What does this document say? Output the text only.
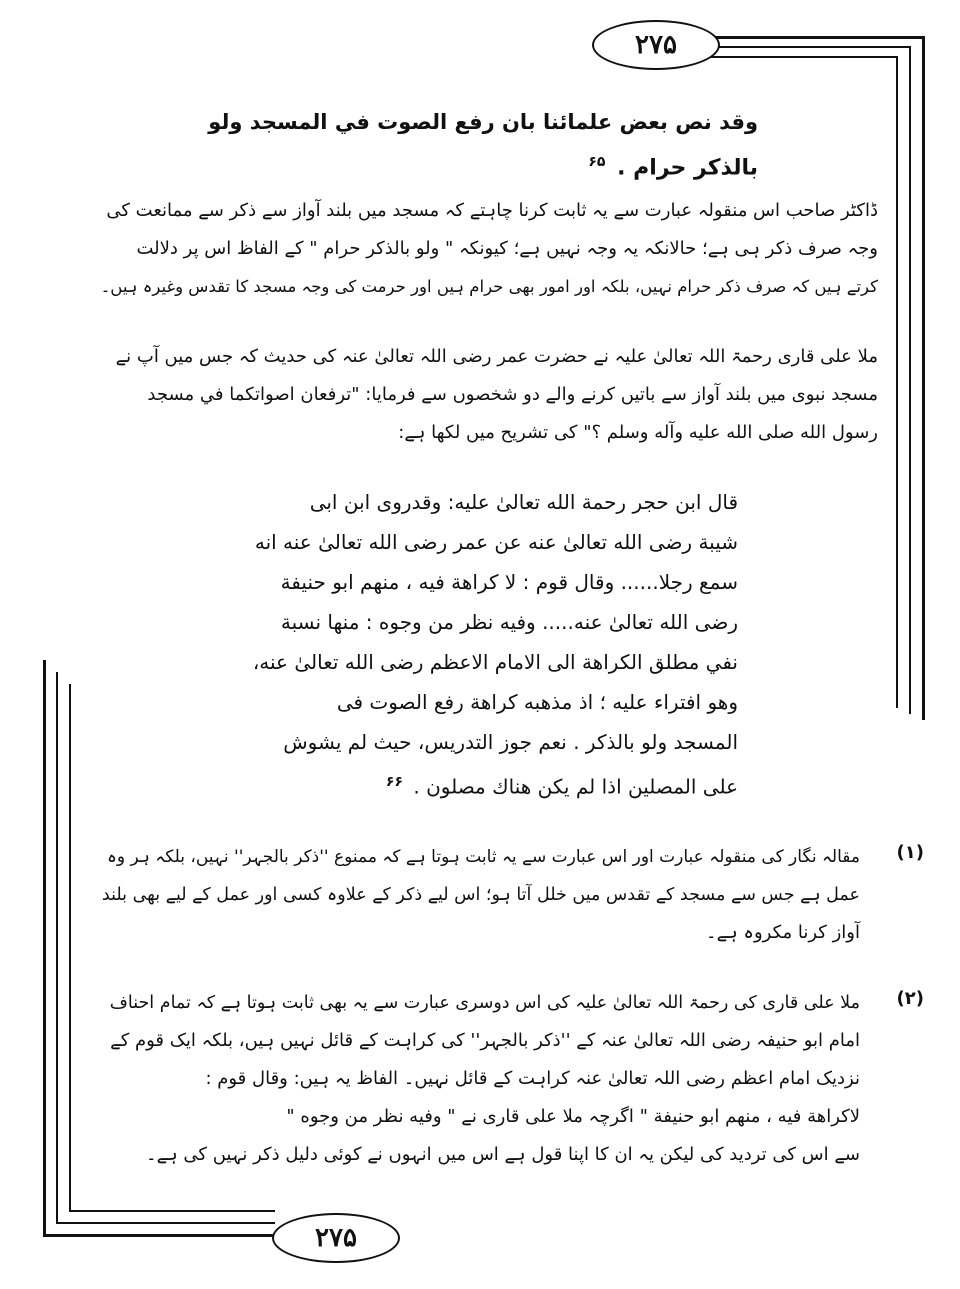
۲۷۵
۲۷۵
وقد نص بعض علمائنا بان رفع الصوت في المسجد ولو
بالذكر حرام . $^{۶۵}$
ڈاکٹر صاحب اس منقولہ عبارت سے یہ ثابت کرنا چاہتے کہ مسجد میں بلند آواز سے ذکر سے ممانعت کی
وجہ صرف ذکر ہی ہے؛ حالانکہ یہ وجہ نہیں ہے؛ کیونکہ " ولو بالذکر حرام " کے الفاظ اس پر دلالت
کرتے ہیں کہ صرف ذکر حرام نہیں، بلکہ اور امور بھی حرام ہیں اور حرمت کی وجہ مسجد کا تقدس وغیرہ ہیں۔
ملا علی قاری رحمۃ اللہ تعالیٰ علیہ نے حضرت عمر رضی اللہ تعالیٰ عنہ کی حدیث کہ جس میں آپ نے
مسجد نبوی میں بلند آواز سے باتیں کرنے والے دو شخصوں سے فرمایا: "ترفعان اصواتكما في مسجد
رسول الله صلى الله عليه وآله وسلم ؟" کی تشریح میں لکھا ہے:
قال ابن حجر رحمة الله تعالىٰ عليه: وقدروى ابن ابى
شيبة رضى الله تعالىٰ عنه عن عمر رضى الله تعالىٰ عنه انه
سمع رجلا...... وقال قوم : لا كراهة فيه ، منهم ابو حنيفة
رضى الله تعالىٰ عنه..... وفيه نظر من وجوه : منها نسبة
نفي مطلق الكراهة الى الامام الاعظم رضى الله تعالىٰ عنه،
وهو افتراء عليه ؛ اذ مذهبه كراهة رفع الصوت فى
المسجد ولو بالذكر . نعم جوز التدريس، حيث لم يشوش
على المصلين اذا لم يكن هناك مصلون . $^{۶۶}$
(۱)
مقالہ نگار کی منقولہ عبارت اور اس عبارت سے یہ ثابت ہوتا ہے کہ ممنوع ''ذکر بالجہر'' نہیں، بلکہ ہر وہ
عمل ہے جس سے مسجد کے تقدس میں خلل آتا ہو؛ اس لیے ذکر کے علاوہ کسی اور عمل کے لیے بھی بلند
آواز کرنا مکروہ ہے۔
(۲)
ملا علی قاری کی رحمۃ اللہ تعالیٰ علیہ کی اس دوسری عبارت سے یہ بھی ثابت ہوتا ہے کہ تمام احناف
امام ابو حنیفہ رضی اللہ تعالیٰ عنہ کے ''ذکر بالجہر'' کی کراہت کے قائل نہیں ہیں، بلکہ ایک قوم کے
نزدیک امام اعظم رضی اللہ تعالیٰ عنہ کراہت کے قائل نہیں۔ الفاظ یہ ہیں: وقال قوم :
لاكراهة فيه ، منهم ابو حنيفة " اگرچہ ملا علی قاری نے " وفيه نظر من وجوه "
سے اس کی تردید کی لیکن یہ ان کا اپنا قول ہے اس میں انہوں نے کوئی دلیل ذکر نہیں کی ہے۔
